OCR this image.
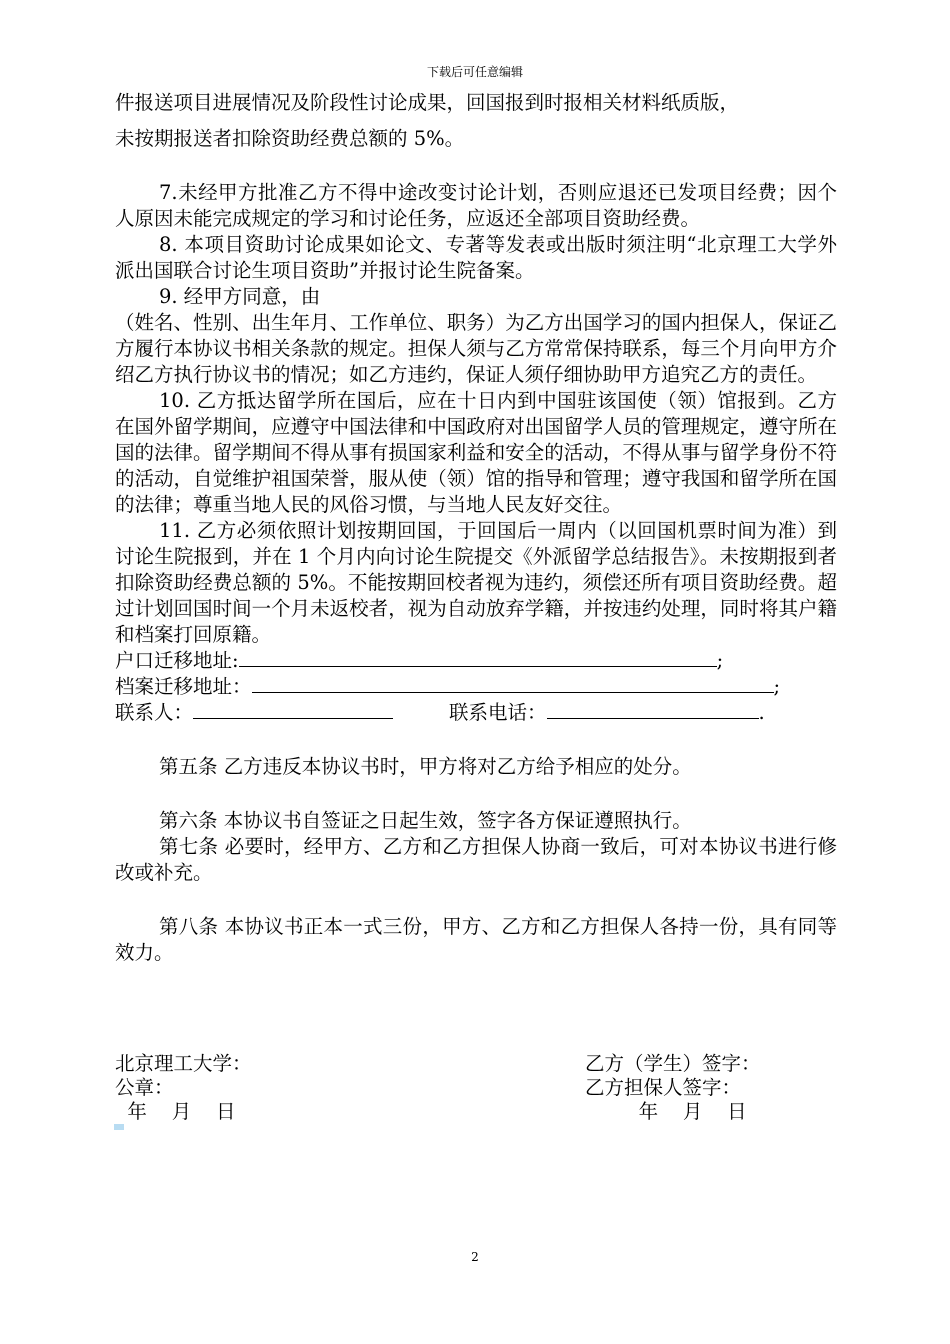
下载后可任意编辑

件报送项目进展情况及阶段性讨论成果，回国报到时报相关材料纸质版，

未按期报送者扣除资助经费总额的 5%。

7.未经甲方批准乙方不得中途改变讨论计划，否则应退还已发项目经费；因个人原因未能完成规定的学习和讨论任务，应返还全部项目资助经费。

8. 本项目资助讨论成果如论文、专著等发表或出版时须注明“北京理工大学外派出国联合讨论生项目资助”并报讨论生院备案。

9. 经甲方同意，由

（姓名、性别、出生年月、工作单位、职务）为乙方出国学习的国内担保人，保证乙方履行本协议书相关条款的规定。担保人须与乙方常常保持联系，每三个月向甲方介绍乙方执行协议书的情况；如乙方违约，保证人须仔细协助甲方追究乙方的责任。

10. 乙方抵达留学所在国后，应在十日内到中国驻该国使（领）馆报到。乙方在国外留学期间，应遵守中国法律和中国政府对出国留学人员的管理规定，遵守所在国的法律。留学期间不得从事有损国家利益和安全的活动，不得从事与留学身份不符的活动，自觉维护祖国荣誉，服从使（领）馆的指导和管理；遵守我国和留学所在国的法律；尊重当地人民的风俗习惯，与当地人民友好交往。

11. 乙方必须依照计划按期回国，于回国后一周内（以回国机票时间为准）到讨论生院报到，并在 1 个月内向讨论生院提交《外派留学总结报告》。未按期报到者扣除资助经费总额的 5%。不能按期回校者视为违约，须偿还所有项目资助经费。超过计划回国时间一个月未返校者，视为自动放弃学籍，并按违约处理，同时将其户籍和档案打回原籍。

户口迁移地址:	;
档案迁移地址：	;
联系人：	联系电话：	.

第五条 乙方违反本协议书时，甲方将对乙方给予相应的处分。

第六条 本协议书自签证之日起生效，签字各方保证遵照执行。

第七条 必要时，经甲方、乙方和乙方担保人协商一致后，可对本协议书进行修改或补充。

第八条 本协议书正本一式三份，甲方、乙方和乙方担保人各持一份，具有同等效力。

北京理工大学：	乙方（学生）签字：
公章：	乙方担保人签字：
年    月    日	年    月    日
2
